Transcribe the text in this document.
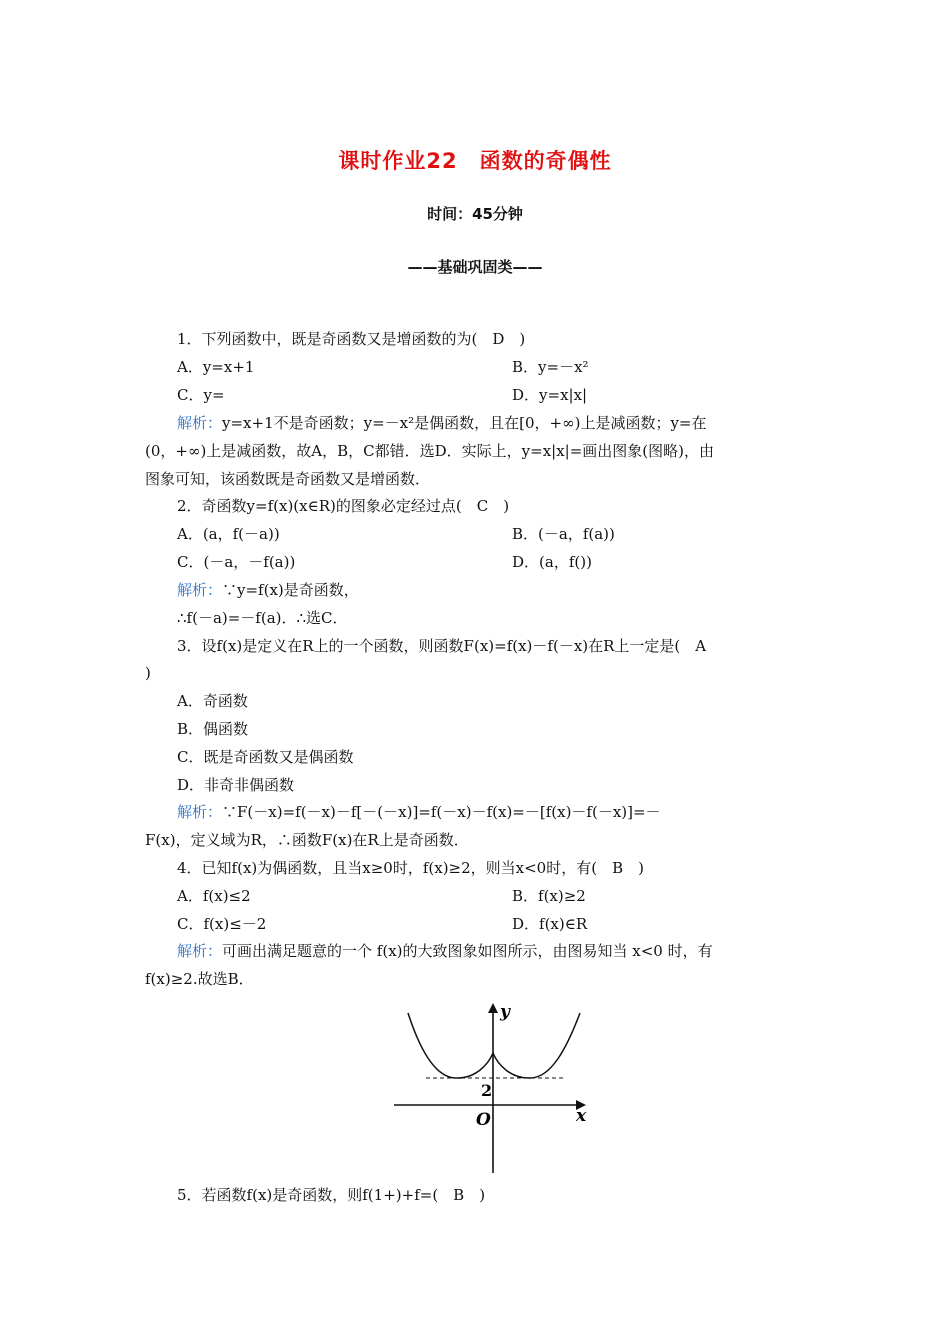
课时作业22　函数的奇偶性
时间：45分钟
——基础巩固类——
1．下列函数中，既是奇函数又是增函数的为(　D　)
A．y=x+1	B．y=－x²
C．y=	D．y=x|x|
解析：y=x+1不是奇函数；y=－x²是偶函数，且在[0，+∞)上是减函数；y=在
(0，+∞)上是减函数，故A，B，C都错．选D．实际上，y=x|x|=画出图象(图略)，由
图象可知，该函数既是奇函数又是增函数．
2．奇函数y=f(x)(x∈R)的图象必定经过点(　C　)
A．(a，f(－a))	B．(－a，f(a))
C．(－a，－f(a))	D．(a，f())
解析：∵y=f(x)是奇函数，
∴f(－a)=－f(a)．∴选C．
3．设f(x)是定义在R上的一个函数，则函数F(x)=f(x)－f(－x)在R上一定是(　A
)
A．奇函数
B．偶函数
C．既是奇函数又是偶函数
D．非奇非偶函数
解析：∵F(－x)=f(－x)－f[－(－x)]=f(－x)－f(x)=－[f(x)－f(－x)]=－
F(x)，定义域为R，∴函数F(x)在R上是奇函数．
4．已知f(x)为偶函数，且当x≥0时，f(x)≥2，则当x<0时，有(　B　)
A．f(x)≤2	B．f(x)≥2
C．f(x)≤－2	D．f(x)∈R
解析：可画出满足题意的一个 f(x)的大致图象如图所示，由图易知当 x<0 时，有
f(x)≥2.故选B．
y
x
O
2
5．若函数f(x)是奇函数，则f(1+)+f=(　B　)
